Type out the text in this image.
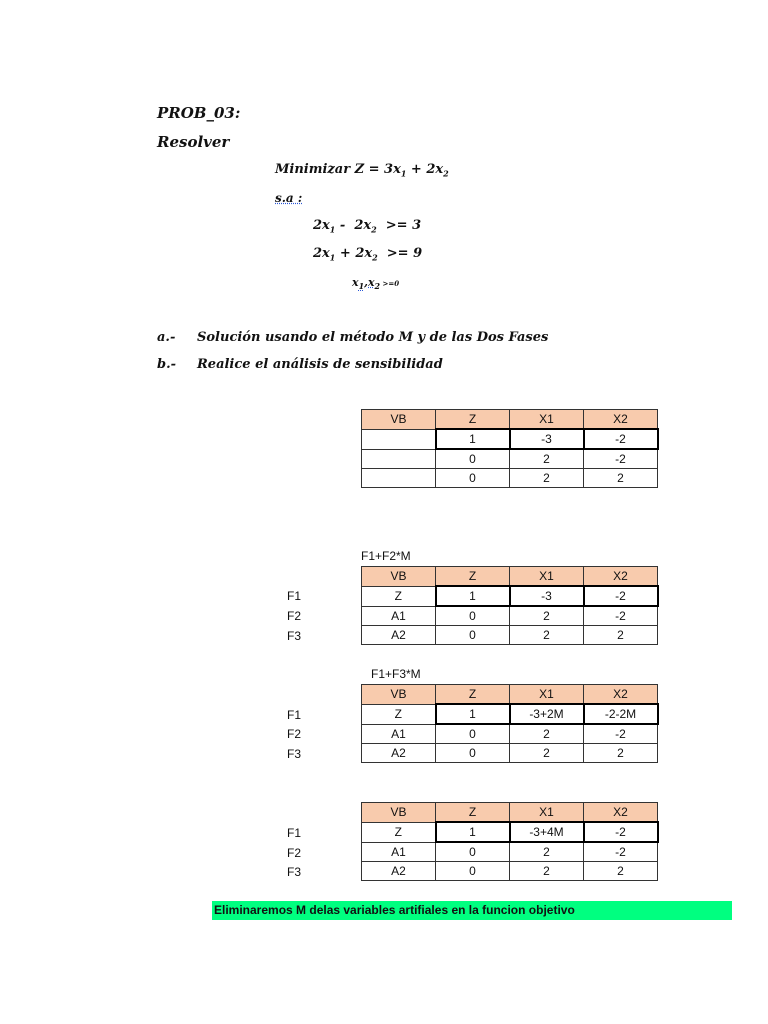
PROB_03:
Resolver
Minimizar $Z = 3x_1 + 2x_2$
s.a :
$2x_1 - 2x_2 >= 3$
$2x_1 + 2x_2 >= 9$
$x_1,x_2 >=0$
a.- Solución usando el método M y de las Dos Fases
b.- Realice el análisis de sensibilidad
VB	Z	X1	X2
	1	-3	-2
	0	2	-2
	0	2	2
F1+F2*M
F1
F2
F3
VB	Z	X1	X2
Z	1	-3	-2
A1	0	2	-2
A2	0	2	2
F1+F3*M
F1
F2
F3
VB	Z	X1	X2
Z	1	-3+2M	-2-2M
A1	0	2	-2
A2	0	2	2
F1
F2
F3
VB	Z	X1	X2
Z	1	-3+4M	-2
A1	0	2	-2
A2	0	2	2
Eliminaremos M delas variables artifiales en la funcion objetivo
